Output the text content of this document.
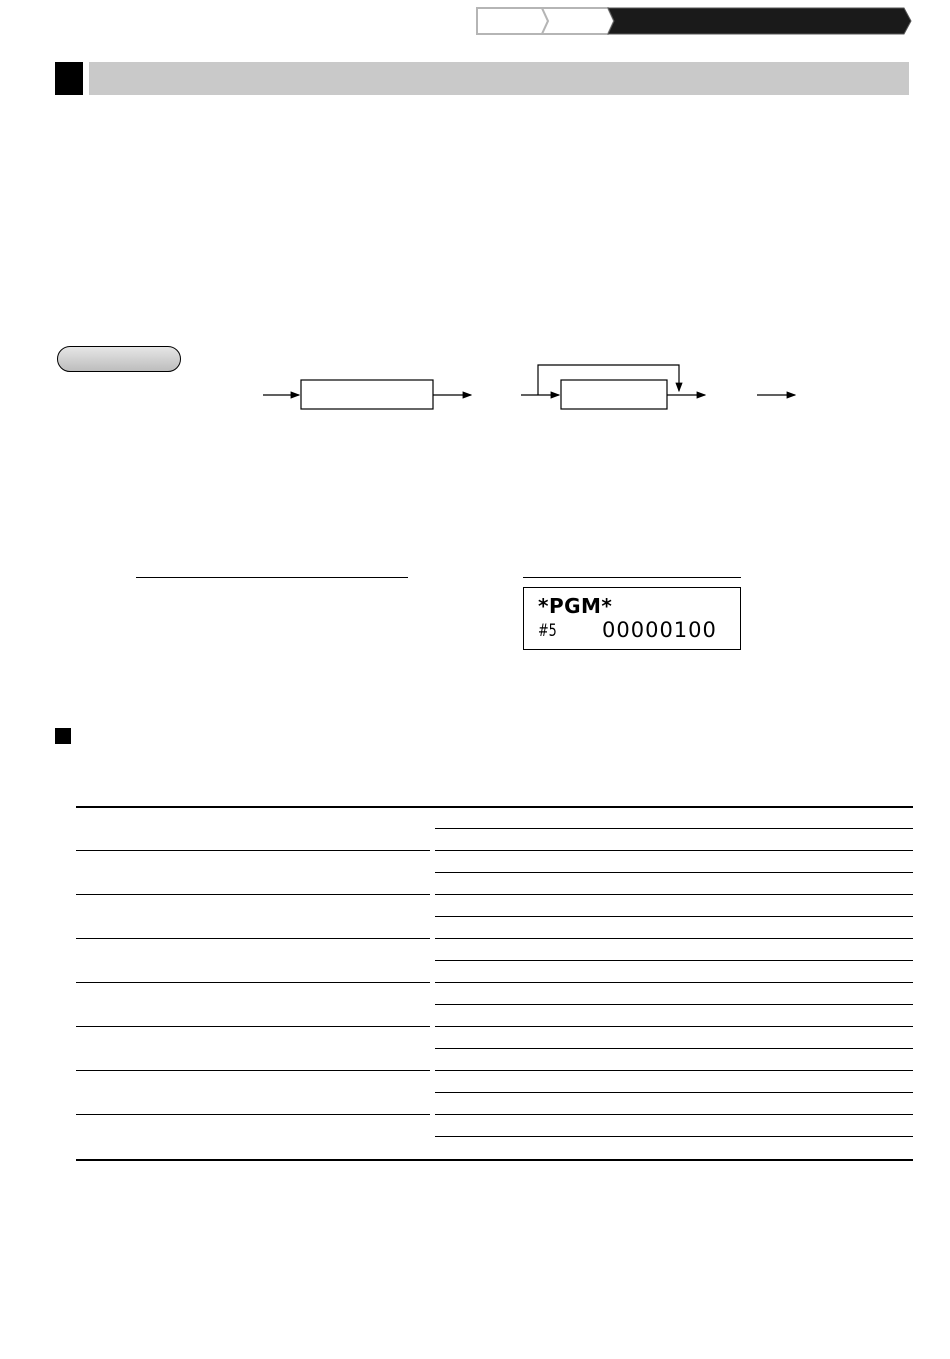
*PGM*
#5 00000100
